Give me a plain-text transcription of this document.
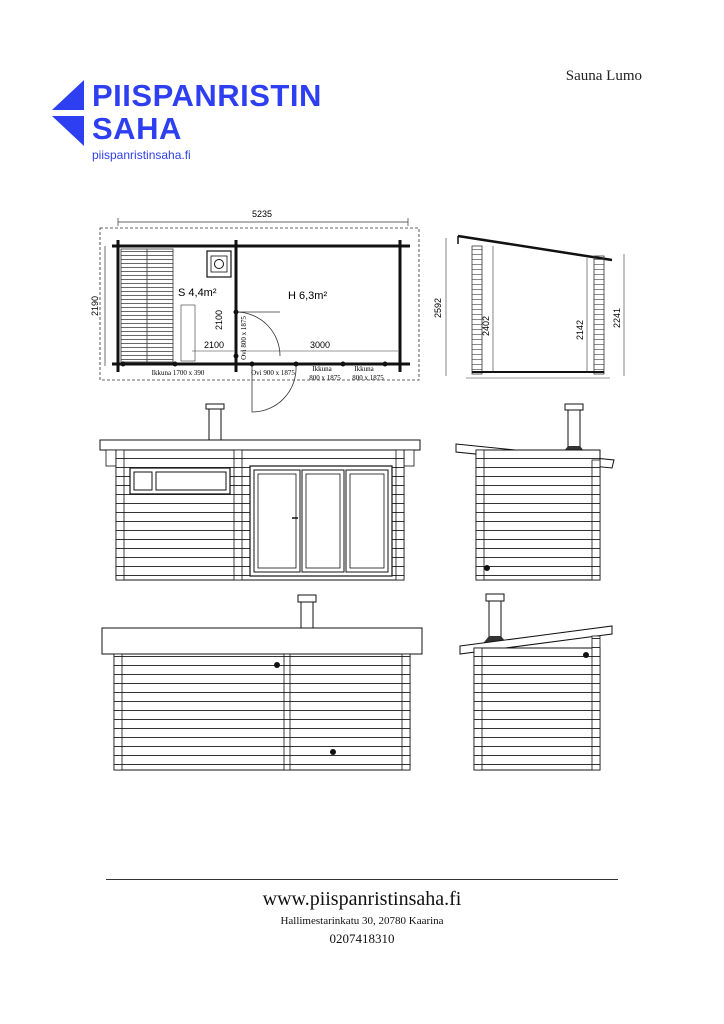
Sauna Lumo
PIISPANRISTIN
SAHA
piispanristinsaha.fi
5235
2190
S 4,4m²	H 6,3m²
2100
2100	3000
Ovi 800 x 1875
Ikkuna 1700 x 390	Ovi 900 x 1875 Ikkuna
800 x 1875
Ikkuna
800 x 1875
2592
2402	2142
2241
www.piispanristinsaha.fi
Hallimestarinkatu 30, 20780 Kaarina
0207418310
